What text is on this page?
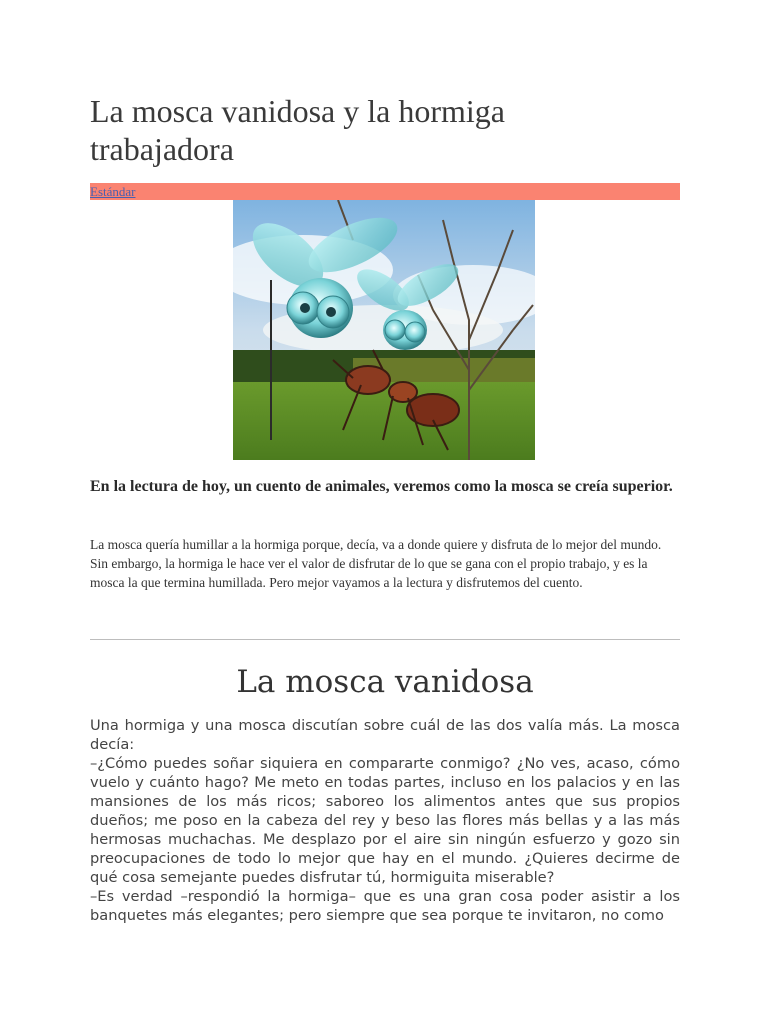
La mosca vanidosa y la hormiga trabajadora
Estándar

En la lectura de hoy, un cuento de animales, veremos como la mosca se creía superior.

La mosca quería humillar a la hormiga porque, decía, va a donde quiere y disfruta de lo mejor del mundo. Sin embargo, la hormiga le hace ver el valor de disfrutar de lo que se gana con el propio trabajo, y es la mosca la que termina humillada. Pero mejor vayamos a la lectura y disfrutemos del cuento.

La mosca vanidosa

Una hormiga y una mosca discutían sobre cuál de las dos valía más. La mosca decía:

–¿Cómo puedes soñar siquiera en compararte conmigo? ¿No ves, acaso, cómo vuelo y cuánto hago? Me meto en todas partes, incluso en los palacios y en las mansiones de los más ricos; saboreo los alimentos antes que sus propios dueños; me poso en la cabeza del rey y beso las flores más bellas y a las más hermosas muchachas. Me desplazo por el aire sin ningún esfuerzo y gozo sin preocupaciones de todo lo mejor que hay en el mundo. ¿Quieres decirme de qué cosa semejante puedes disfrutar tú, hormiguita miserable?

–Es verdad –respondió la hormiga– que es una gran cosa poder asistir a los banquetes más elegantes; pero siempre que sea porque te invitaron, no como
